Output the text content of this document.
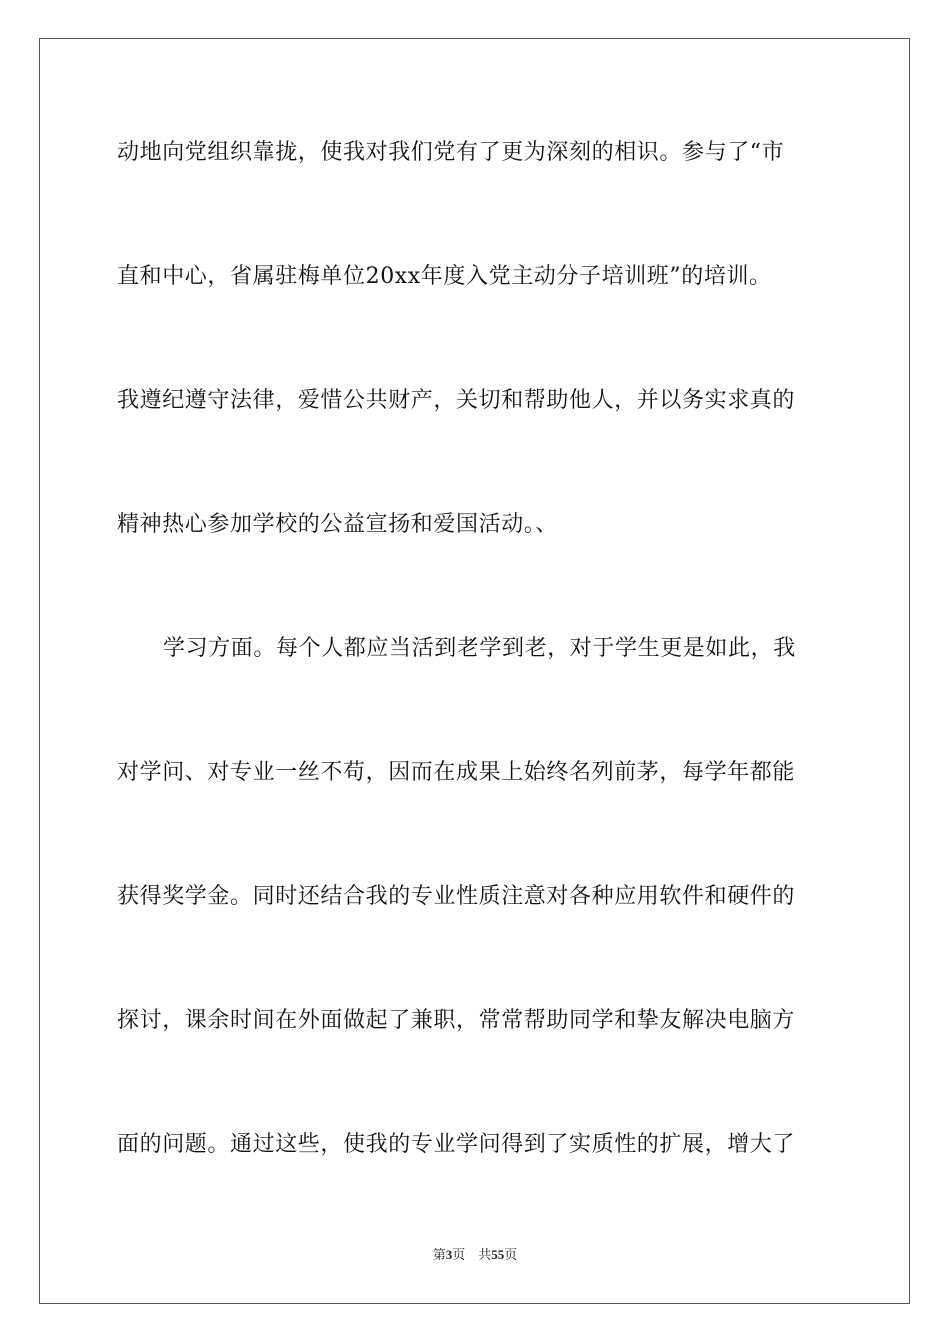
动地向党组织靠拢，使我对我们党有了更为深刻的相识。参与了“市
直和中心，省属驻梅单位20xx年度入党主动分子培训班”的培训。
我遵纪遵守法律，爱惜公共财产，关切和帮助他人，并以务实求真的
精神热心参加学校的公益宣扬和爱国活动。、
学习方面。每个人都应当活到老学到老，对于学生更是如此，我
对学问、对专业一丝不苟，因而在成果上始终名列前茅，每学年都能
获得奖学金。同时还结合我的专业性质注意对各种应用软件和硬件的
探讨，课余时间在外面做起了兼职，常常帮助同学和挚友解决电脑方
面的问题。通过这些，使我的专业学问得到了实质性的扩展，增大了
第3页 共55页
